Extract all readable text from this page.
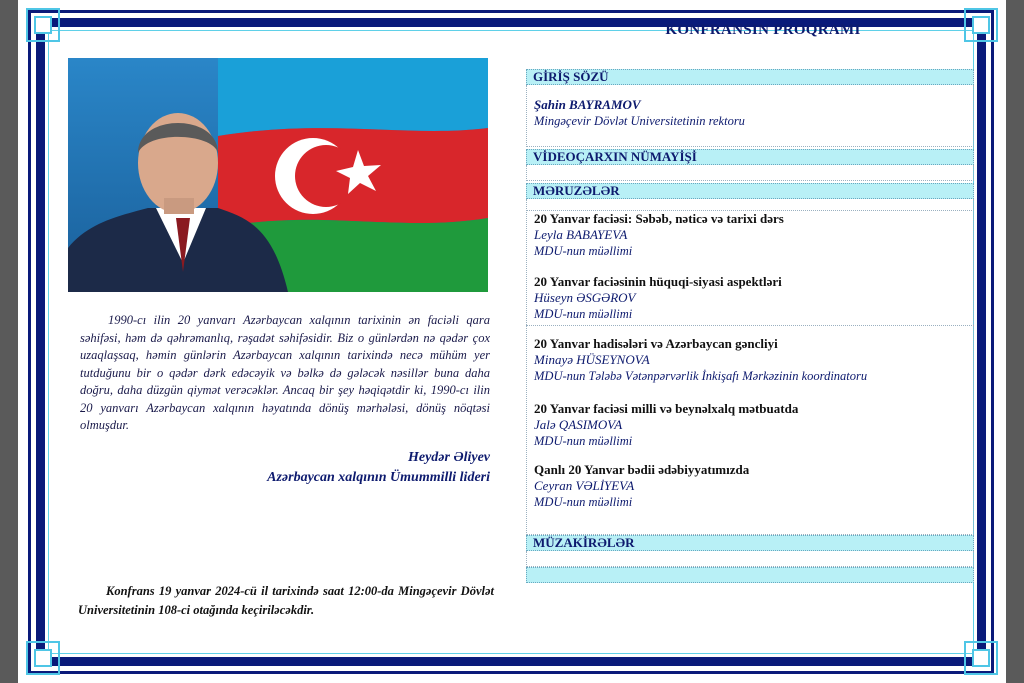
1990-cı ilin 20 yanvarı Azərbaycan xalqının tarixinin ən faciəli qara səhifəsi, həm də qəhrəmanlıq, rəşadət səhifəsidir. Biz o günlərdən nə qədər çox uzaqlaşsaq, həmin günlərin Azərbaycan xalqının tarixində necə mühüm yer tutduğunu bir o qədər dərk edəcəyik və bəlkə də gələcək nəsillər buna daha doğru, daha düzgün qiymət verəcəklər. Ancaq bir şey həqiqətdir ki, 1990-cı ilin 20 yanvarı Azərbaycan xalqının həyatında dönüş mərhələsi, dönüş nöqtəsi olmuşdur.

Heydər Əliyev
Azərbaycan xalqının Ümummilli lideri

Konfrans 19 yanvar 2024-cü il tarixində saat 12:00-da Mingəçevir Dövlət Universitetinin 108-ci otağında keçiriləcəkdir.

KONFRANSIN PROQRAMI
GİRİŞ SÖZÜ
Şahin BAYRAMOV
Mingəçevir Dövlət Universitetinin rektoru
VİDEOÇARXIN NÜMAYİŞİ
MƏRUZƏLƏR
20 Yanvar faciəsi: Səbəb, nəticə və tarixi dərs
Leyla BABAYEVA
MDU-nun müəllimi
20 Yanvar faciəsinin hüquqi-siyasi aspektləri
Hüseyn ƏSGƏROV
MDU-nun müəllimi
20 Yanvar hadisələri və Azərbaycan gəncliyi
Minayə HÜSEYNOVA
MDU-nun Tələbə Vətənpərvərlik İnkişafı Mərkəzinin koordinatoru
20 Yanvar faciəsi milli və beynəlxalq mətbuatda
Jalə QASIMOVA
MDU-nun müəllimi
Qanlı 20 Yanvar bədii ədəbiyyatımızda
Ceyran VƏLİYEVA
MDU-nun müəllimi
MÜZAKİRƏLƏR
